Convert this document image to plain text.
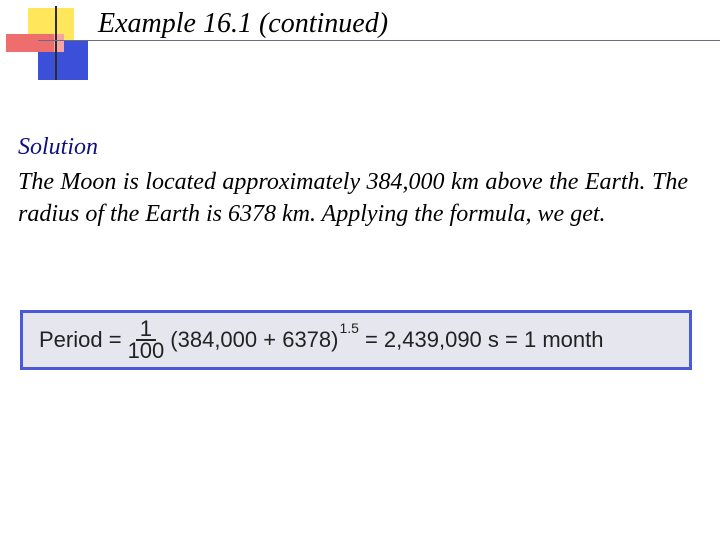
Example 16.1 (continued)
Solution
The Moon is located approximately 384,000 km above the Earth. The radius of the Earth is 6378 km. Applying the formula, we get.
Period = $\frac{1}{100} (384,000 + 6378) 1.5 = 2,439,090$ s = 1 month
